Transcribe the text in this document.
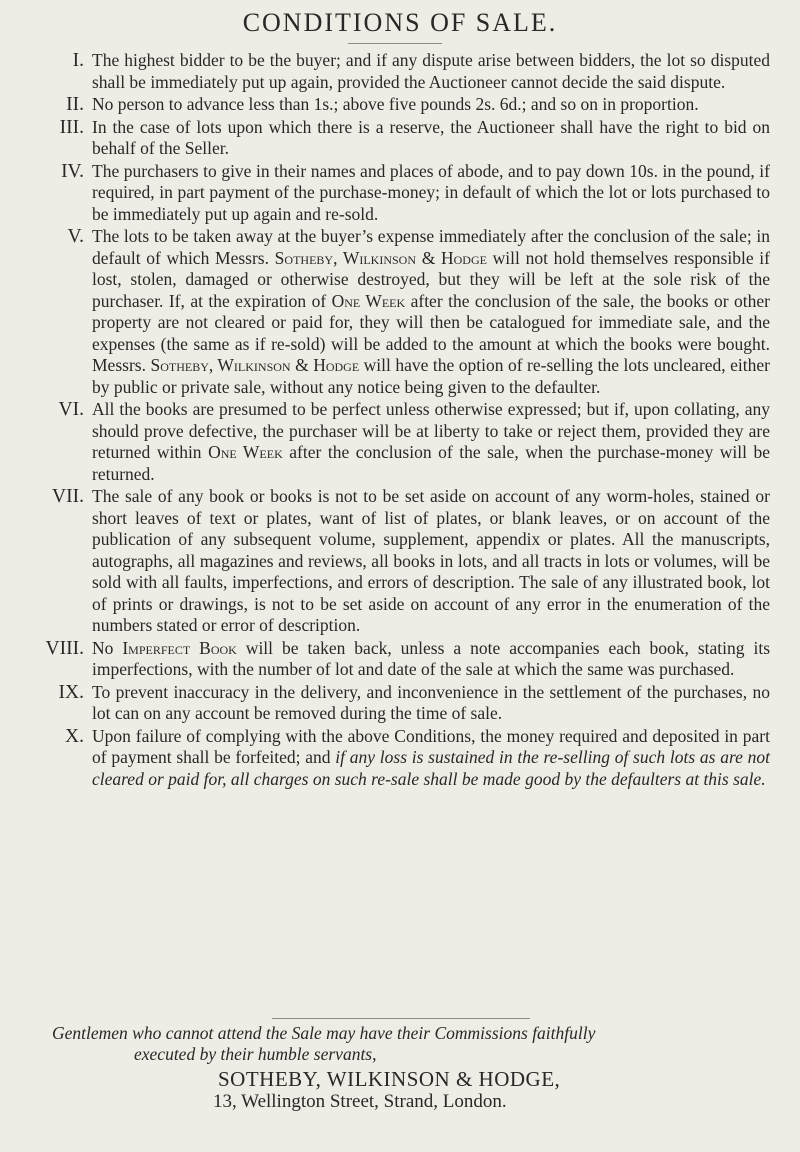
CONDITIONS OF SALE.
I. The highest bidder to be the buyer; and if any dispute arise between bidders, the lot so disputed shall be immediately put up again, provided the Auctioneer cannot decide the said dispute.
II. No person to advance less than 1s.; above five pounds 2s. 6d.; and so on in proportion.
III. In the case of lots upon which there is a reserve, the Auctioneer shall have the right to bid on behalf of the Seller.
IV. The purchasers to give in their names and places of abode, and to pay down 10s. in the pound, if required, in part payment of the purchase-money; in default of which the lot or lots purchased to be immediately put up again and re-sold.
V. The lots to be taken away at the buyer’s expense immediately after the conclusion of the sale; in default of which Messrs. Sotheby, Wilkinson & Hodge will not hold themselves responsible if lost, stolen, damaged or otherwise destroyed, but they will be left at the sole risk of the purchaser. If, at the expiration of One Week after the conclusion of the sale, the books or other property are not cleared or paid for, they will then be catalogued for immediate sale, and the expenses (the same as if re-sold) will be added to the amount at which the books were bought. Messrs. Sotheby, Wilkinson & Hodge will have the option of re-selling the lots uncleared, either by public or private sale, without any notice being given to the defaulter.
VI. All the books are presumed to be perfect unless otherwise expressed; but if, upon collating, any should prove defective, the purchaser will be at liberty to take or reject them, provided they are returned within One Week after the conclusion of the sale, when the purchase-money will be returned.
VII. The sale of any book or books is not to be set aside on account of any worm-holes, stained or short leaves of text or plates, want of list of plates, or blank leaves, or on account of the publication of any subsequent volume, supplement, appendix or plates. All the manuscripts, autographs, all magazines and reviews, all books in lots, and all tracts in lots or volumes, will be sold with all faults, imperfections, and errors of description. The sale of any illustrated book, lot of prints or drawings, is not to be set aside on account of any error in the enumeration of the numbers stated or error of description.
VIII. No Imperfect Book will be taken back, unless a note accompanies each book, stating its imperfections, with the number of lot and date of the sale at which the same was purchased.
IX. To prevent inaccuracy in the delivery, and inconvenience in the settlement of the purchases, no lot can on any account be removed during the time of sale.
X. Upon failure of complying with the above Conditions, the money required and deposited in part of payment shall be forfeited; and if any loss is sustained in the re-selling of such lots as are not cleared or paid for, all charges on such re-sale shall be made good by the defaulters at this sale.
Gentlemen who cannot attend the Sale may have their Commissions faithfully
executed by their humble servants,
SOTHEBY, WILKINSON & HODGE,
13, Wellington Street, Strand, London.
